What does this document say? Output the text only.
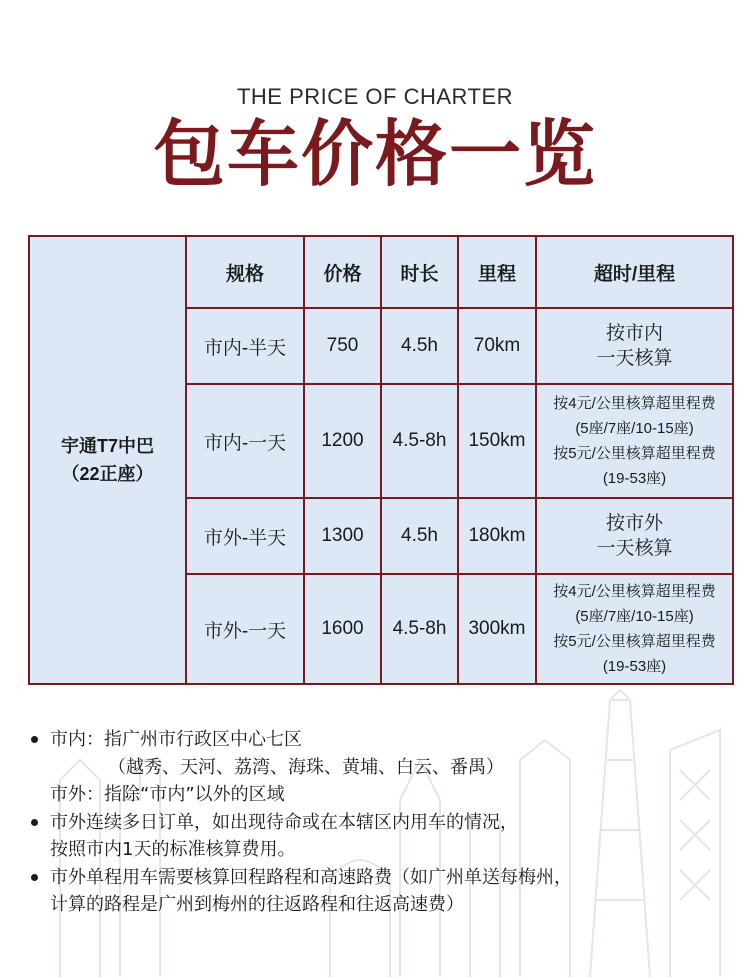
THE PRICE OF CHARTER
包车价格一览
宇通T7中巴
（22正座）	规格	价格	时长	里程	超时/里程
	市内-半天	750	4.5h	70km	按市内
一天核算

	市内-一天	1200	4.5-8h	150km	按4元/公里核算超里程费
(5座/7座/10-15座)
按5元/公里核算超里程费
(19-53座)

	市外-半天	1300	4.5h	180km	按市外
一天核算

	市外-一天	1600	4.5-8h	300km	按4元/公里核算超里程费
(5座/7座/10-15座)
按5元/公里核算超里程费
(19-53座)
市内：指广州市行政区中心七区
（越秀、天河、荔湾、海珠、黄埔、白云、番禺）
市外：指除“市内”以外的区域
市外连续多日订单，如出现待命或在本辖区内用车的情况，
按照市内1天的标准核算费用。
市外单程用车需要核算回程路程和高速路费（如广州单送每梅州，
计算的路程是广州到梅州的往返路程和往返高速费）
